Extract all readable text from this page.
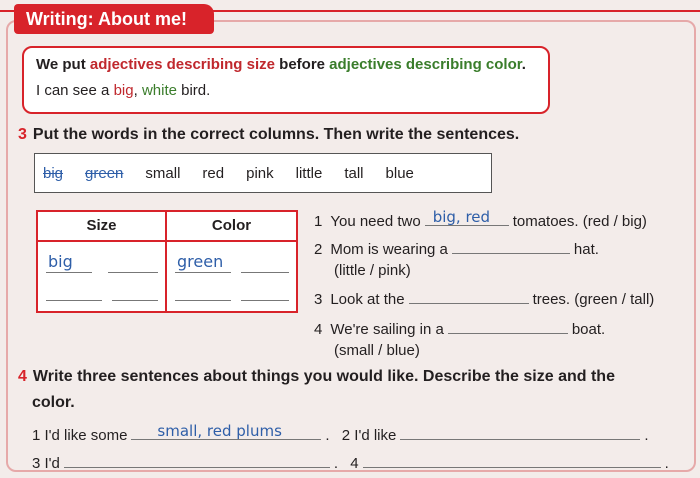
Writing: About me!
We put adjectives describing size before adjectives describing color.
I can see a big, white bird.
3 Put the words in the correct columns. Then write the sentences.
big green small red pink little tall blue
Size	Color
big	green
1 You need two big, red tomatoes. (red / big)
2 Mom is wearing a	hat.
(little / pink)
3 Look at the	trees. (green / tall)
4 We're sailing in a	boat.
(small / blue)
4 Write three sentences about things you would like. Describe the size and the
color.
1 I'd like some small, red plums	. 2 I'd like	.
3 I'd	. 4	.
